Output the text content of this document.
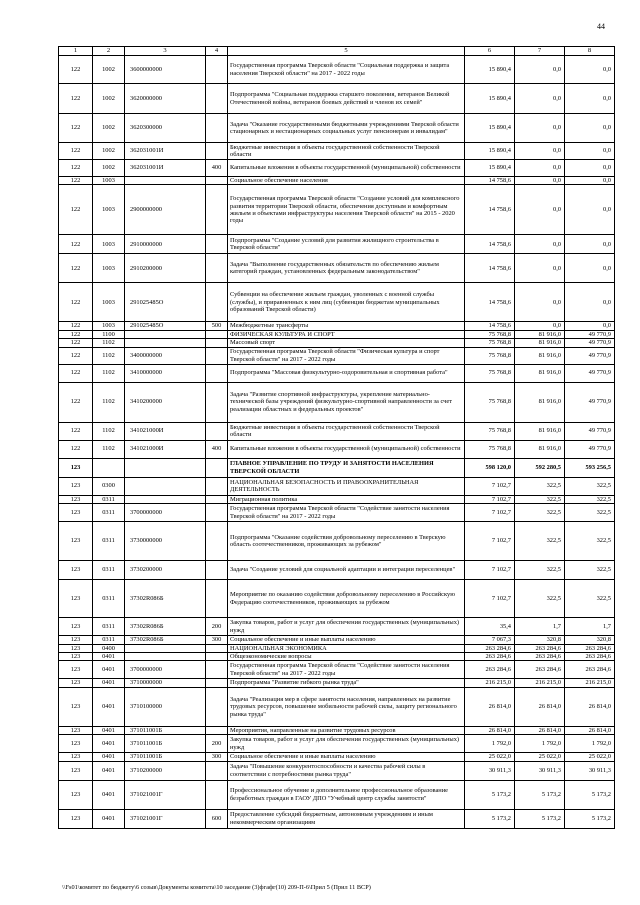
44
1	2	3	4	5	6	7	8
122	1002	3600000000		Государственная программа Тверской области "Социальная поддержка и защита населения Тверской области" на 2017 - 2022 годы	15 890,4	0,0	0,0
122	1002	3620000000		Подпрограмма "Социальная поддержка старшего поколения, ветеранов Великой Отечественной войны, ветеранов боевых действий и членов их семей"	15 890,4	0,0	0,0
122	1002	3620300000		Задача "Оказание государственными бюджетными учреждениями Тверской области стационарных и нестационарных социальных услуг пенсионерам и инвалидам"	15 890,4	0,0	0,0
122	1002	362031001И		Бюджетные инвестиции в объекты государственной собственности Тверской области	15 890,4	0,0	0,0
122	1002	362031001И	400	Капитальные вложения в объекты государственной (муниципальной) собственности	15 890,4	0,0	0,0
122	1003			Социальное обеспечение населения	14 758,6	0,0	0,0
122	1003	2900000000		Государственная программа Тверской области "Создание условий для комплексного развития территории Тверской области, обеспечения доступным и комфортным жильем и объектами инфраструктуры населения Тверской области" на 2015 - 2020 годы	14 758,6	0,0	0,0
122	1003	2910000000		Подпрограмма "Создание условий для развития жилищного строительства в Тверской области"	14 758,6	0,0	0,0
122	1003	2910200000		Задача "Выполнение государственных обязательств по обеспечению жильем категорий граждан, установленных федеральным законодательством"	14 758,6	0,0	0,0
122	1003	291025485О		Субвенции на обеспечение жильем граждан, уволенных с военной службы (службы), и приравненных к ним лиц (субвенции бюджетам муниципальных образований Тверской области)	14 758,6	0,0	0,0
122	1003	291025485О	500	Межбюджетные трансферты	14 758,6	0,0	0,0
122	1100			ФИЗИЧЕСКАЯ КУЛЬТУРА И СПОРТ	75 768,8	81 916,0	49 770,9
122	1102			Массовый спорт	75 768,8	81 916,0	49 770,9
122	1102	3400000000		Государственная программа Тверской области "Физическая культура и спорт Тверской области" на 2017 - 2022 годы	75 768,8	81 916,0	49 770,9
122	1102	3410000000		Подпрограмма "Массовая физкультурно-оздоровительная и спортивная работа"	75 768,8	81 916,0	49 770,9
122	1102	3410200000		Задача "Развитие спортивной инфраструктуры, укрепление материально-технической базы учреждений физкультурно-спортивной направленности за счет реализации областных и федеральных проектов"	75 768,8	81 916,0	49 770,9
122	1102	341021000И		Бюджетные инвестиции в объекты государственной собственности Тверской области	75 768,8	81 916,0	49 770,9
122	1102	341021000И	400	Капитальные вложения в объекты государственной (муниципальной) собственности	75 768,8	81 916,0	49 770,9
123				ГЛАВНОЕ УПРАВЛЕНИЕ ПО ТРУДУ И ЗАНЯТОСТИ НАСЕЛЕНИЯ ТВЕРСКОЙ ОБЛАСТИ	598 120,0	592 280,5	593 256,5
123	0300			НАЦИОНАЛЬНАЯ БЕЗОПАСНОСТЬ И ПРАВООХРАНИТЕЛЬНАЯ ДЕЯТЕЛЬНОСТЬ	7 102,7	322,5	322,5
123	0311			Миграционная политика	7 102,7	322,5	322,5
123	0311	3700000000		Государственная программа Тверской области "Содействие занятости населения Тверской области" на 2017 - 2022 годы	7 102,7	322,5	322,5
123	0311	3730000000		Подпрограмма "Оказание содействия добровольному переселению в Тверскую область соотечественников, проживающих за рубежом"	7 102,7	322,5	322,5
123	0311	3730200000		Задача "Создание условий для социальной адаптации и интеграции переселенцев"	7 102,7	322,5	322,5
123	0311	37302R086Б		Мероприятие по оказанию содействия добровольному переселению в Российскую Федерацию соотечественников, проживающих за рубежом	7 102,7	322,5	322,5
123	0311	37302R086Б	200	Закупка товаров, работ и услуг для обеспечения государственных (муниципальных) нужд	35,4	1,7	1,7
123	0311	37302R086Б	300	Социальное обеспечение и иные выплаты населению	7 067,3	320,8	320,8
123	0400			НАЦИОНАЛЬНАЯ ЭКОНОМИКА	263 284,6	263 284,6	263 284,6
123	0401			Общеэкономические вопросы	263 284,6	263 284,6	263 284,6
123	0401	3700000000		Государственная программа Тверской области "Содействие занятости населения Тверской области" на 2017 - 2022 годы	263 284,6	263 284,6	263 284,6
123	0401	3710000000		Подпрограмма "Развитие гибкого рынка труда"	216 215,0	216 215,0	216 215,0
123	0401	3710100000		Задача "Реализация мер в сфере занятости населения, направленных на развитие трудовых ресурсов, повышение мобильности рабочей силы, защиту регионального рынка труда"	26 814,0	26 814,0	26 814,0
123	0401	371011001Б		Мероприятия, направленные на развитие трудовых ресурсов	26 814,0	26 814,0	26 814,0
123	0401	371011001Б	200	Закупка товаров, работ и услуг для обеспечения государственных (муниципальных) нужд	1 792,0	1 792,0	1 792,0
123	0401	371011001Б	300	Социальное обеспечение и иные выплаты населению	25 022,0	25 022,0	25 022,0
123	0401	3710200000		Задача "Повышение конкурентоспособности и качества рабочей силы в соответствии с потребностями рынка труда"	30 911,3	30 911,3	30 911,3
123	0401	371021001Г		Профессиональное обучение и дополнительное профессиональное образование безработных граждан в ГАОУ ДПО "Учебный центр службы занятости"	5 173,2	5 173,2	5 173,2
123	0401	371021001Г	600	Предоставление субсидий бюджетным, автономным учреждениям и иным некоммерческим организациям	5 173,2	5 173,2	5 173,2
\\Fs01\комитет по бюджету\6 созыв\Документы комитета\10 заседание (3)фгафг(10) 209-П-6\Прил 5 (Прил 11 ВСР)
